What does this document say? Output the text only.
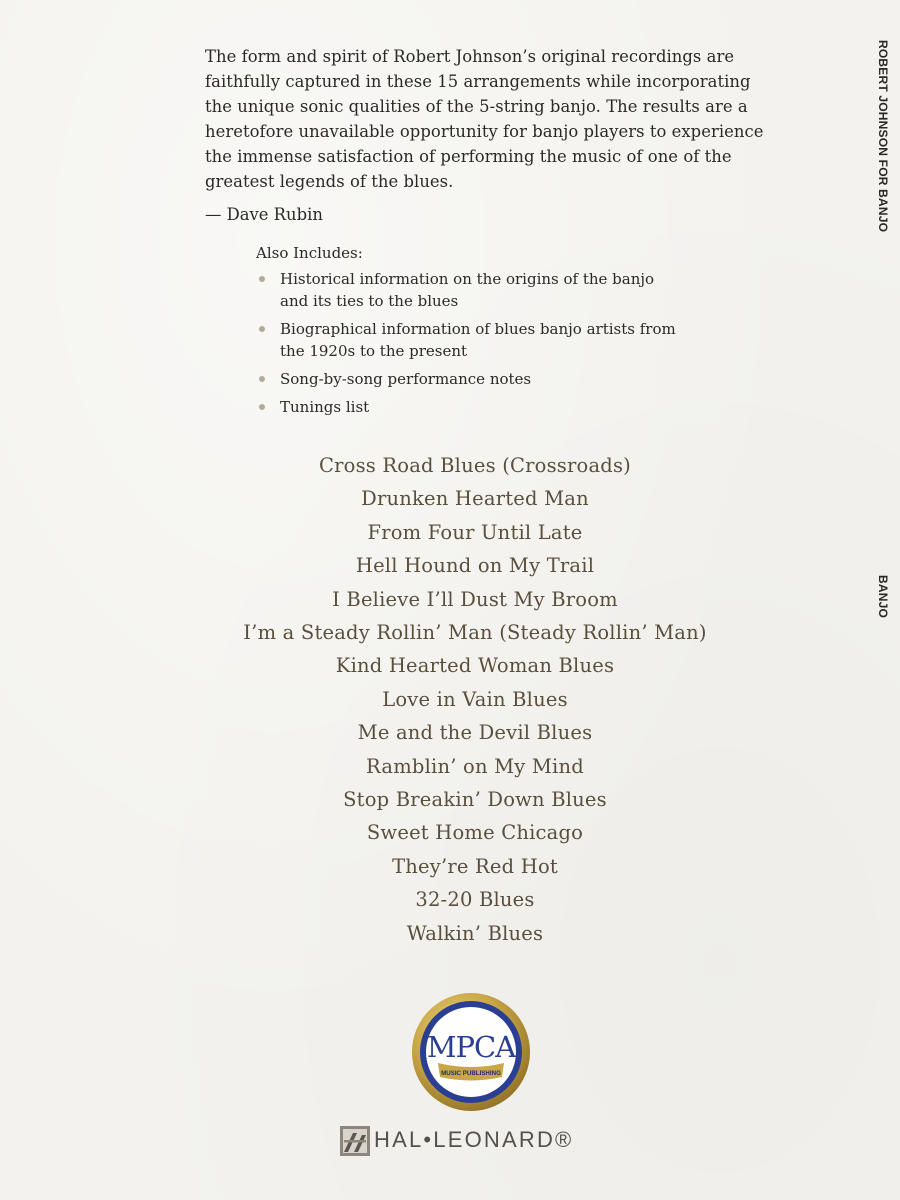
The form and spirit of Robert Johnson’s original recordings are
faithfully captured in these 15 arrangements while incorporating
the unique sonic qualities of the 5-string banjo. The results are a
heretofore unavailable opportunity for banjo players to experience
the immense satisfaction of performing the music of one of the
greatest legends of the blues.
— Dave Rubin
Also Includes:
Historical information on the origins of the banjo
and its ties to the blues
Biographical information of blues banjo artists from
the 1920s to the present
Song-by-song performance notes
Tunings list
Cross Road Blues (Crossroads)
Drunken Hearted Man
From Four Until Late
Hell Hound on My Trail
I Believe I’ll Dust My Broom
I’m a Steady Rollin’ Man (Steady Rollin’ Man)
Kind Hearted Woman Blues
Love in Vain Blues
Me and the Devil Blues
Ramblin’ on My Mind
Stop Breakin’ Down Blues
Sweet Home Chicago
They’re Red Hot
32-20 Blues
Walkin’ Blues
ROBERT JOHNSON FOR BANJO
BANJO
MPCA
MUSIC PUBLISHING
HAL•LEONARD®
